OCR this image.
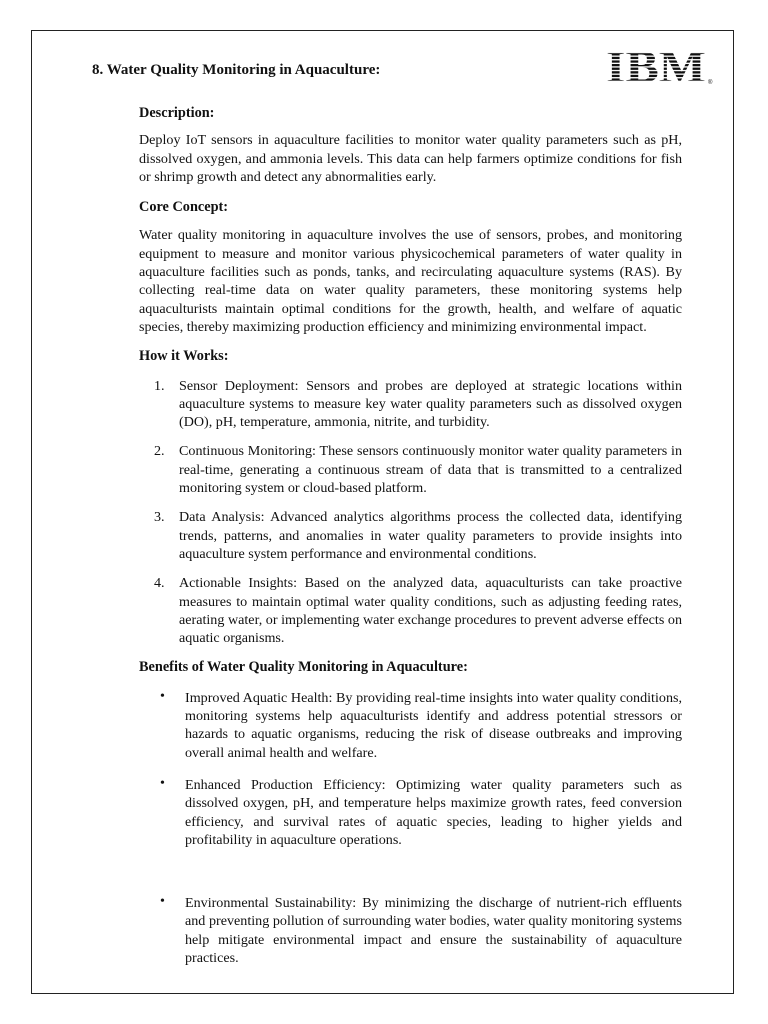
8. Water Quality Monitoring in Aquaculture:	IBM ®
Description:

Deploy IoT sensors in aquaculture facilities to monitor water quality parameters such as pH, dissolved oxygen, and ammonia levels. This data can help farmers optimize conditions for fish or shrimp growth and detect any abnormalities early.

Core Concept:

Water quality monitoring in aquaculture involves the use of sensors, probes, and monitoring equipment to measure and monitor various physicochemical parameters of water quality in aquaculture facilities such as ponds, tanks, and recirculating aquaculture systems (RAS). By collecting real-time data on water quality parameters, these monitoring systems help aquaculturists maintain optimal conditions for the growth, health, and welfare of aquatic species, thereby maximizing production efficiency and minimizing environmental impact.

How it Works:
1. Sensor Deployment: Sensors and probes are deployed at strategic locations within aquaculture systems to measure key water quality parameters such as dissolved oxygen (DO), pH, temperature, ammonia, nitrite, and turbidity.
2. Continuous Monitoring: These sensors continuously monitor water quality parameters in real-time, generating a continuous stream of data that is transmitted to a centralized monitoring system or cloud-based platform.
3. Data Analysis: Advanced analytics algorithms process the collected data, identifying trends, patterns, and anomalies in water quality parameters to provide insights into aquaculture system performance and environmental conditions.
4. Actionable Insights: Based on the analyzed data, aquaculturists can take proactive measures to maintain optimal water quality conditions, such as adjusting feeding rates, aerating water, or implementing water exchange procedures to prevent adverse effects on aquatic organisms.
Benefits of Water Quality Monitoring in Aquaculture:
• Improved Aquatic Health: By providing real-time insights into water quality conditions, monitoring systems help aquaculturists identify and address potential stressors or hazards to aquatic organisms, reducing the risk of disease outbreaks and improving overall animal health and welfare.
• Enhanced Production Efficiency: Optimizing water quality parameters such as dissolved oxygen, pH, and temperature helps maximize growth rates, feed conversion efficiency, and survival rates of aquatic species, leading to higher yields and profitability in aquaculture operations.
• Environmental Sustainability: By minimizing the discharge of nutrient-rich effluents and preventing pollution of surrounding water bodies, water quality monitoring systems help mitigate environmental impact and ensure the sustainability of aquaculture practices.
